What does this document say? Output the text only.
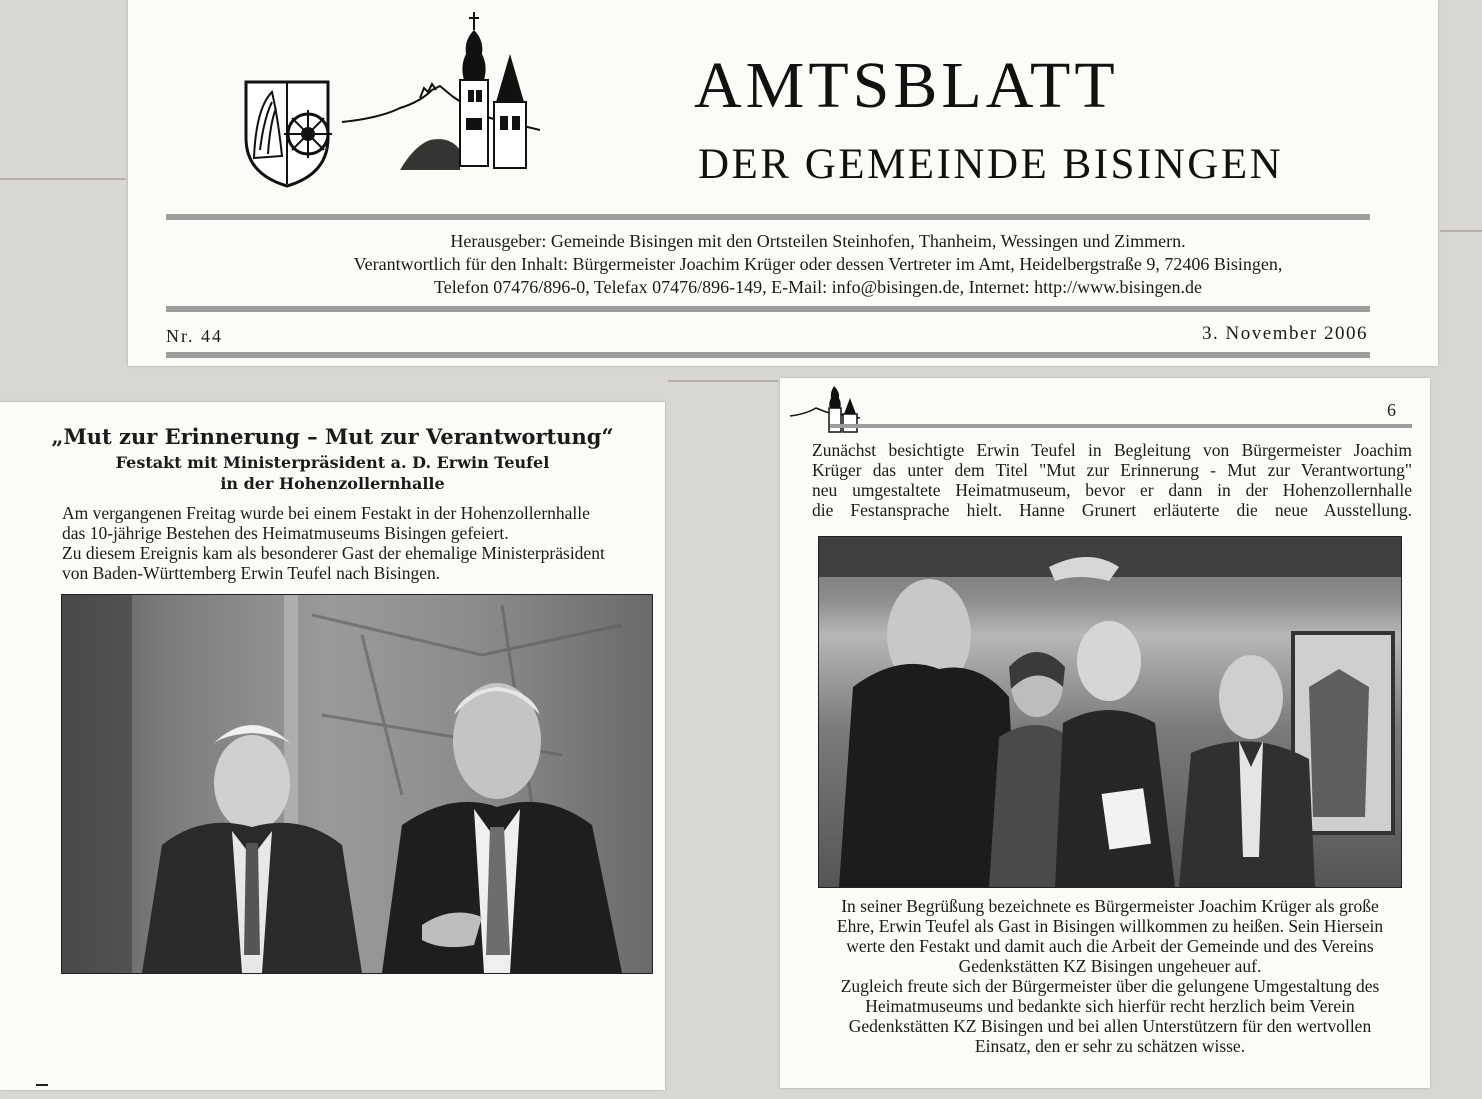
AMTSBLATT
DER GEMEINDE BISINGEN
Herausgeber: Gemeinde Bisingen mit den Ortsteilen Steinhofen, Thanheim, Wessingen und Zimmern.
Verantwortlich für den Inhalt: Bürgermeister Joachim Krüger oder dessen Vertreter im Amt, Heidelbergstraße 9, 72406 Bisingen,
Telefon 07476/896-0, Telefax 07476/896-149, E-Mail: info@bisingen.de, Internet: http://www.bisingen.de
Nr. 44	3. November 2006
„Mut zur Erinnerung – Mut zur Verantwortung“
Festakt mit Ministerpräsident a. D. Erwin Teufel
in der Hohenzollernhalle
Am vergangenen Freitag wurde bei einem Festakt in der Hohenzollernhalle
das 10-jährige Bestehen des Heimatmuseums Bisingen gefeiert.
Zu diesem Ereignis kam als besonderer Gast der ehemalige Ministerpräsident
von Baden-Württemberg Erwin Teufel nach Bisingen.
6
Zunächst besichtigte Erwin Teufel in Begleitung von Bürgermeister Joachim
Krüger das unter dem Titel "Mut zur Erinnerung - Mut zur Verantwortung"
neu umgestaltete Heimatmuseum, bevor er dann in der Hohenzollernhalle
die Festansprache hielt. Hanne Grunert erläuterte die neue Ausstellung.
In seiner Begrüßung bezeichnete es Bürgermeister Joachim Krüger als große
Ehre, Erwin Teufel als Gast in Bisingen willkommen zu heißen. Sein Hiersein
werte den Festakt und damit auch die Arbeit der Gemeinde und des Vereins
Gedenkstätten KZ Bisingen ungeheuer auf.
Zugleich freute sich der Bürgermeister über die gelungene Umgestaltung des
Heimatmuseums und bedankte sich hierfür recht herzlich beim Verein
Gedenkstätten KZ Bisingen und bei allen Unterstützern für den wertvollen
Einsatz, den er sehr zu schätzen wisse.
